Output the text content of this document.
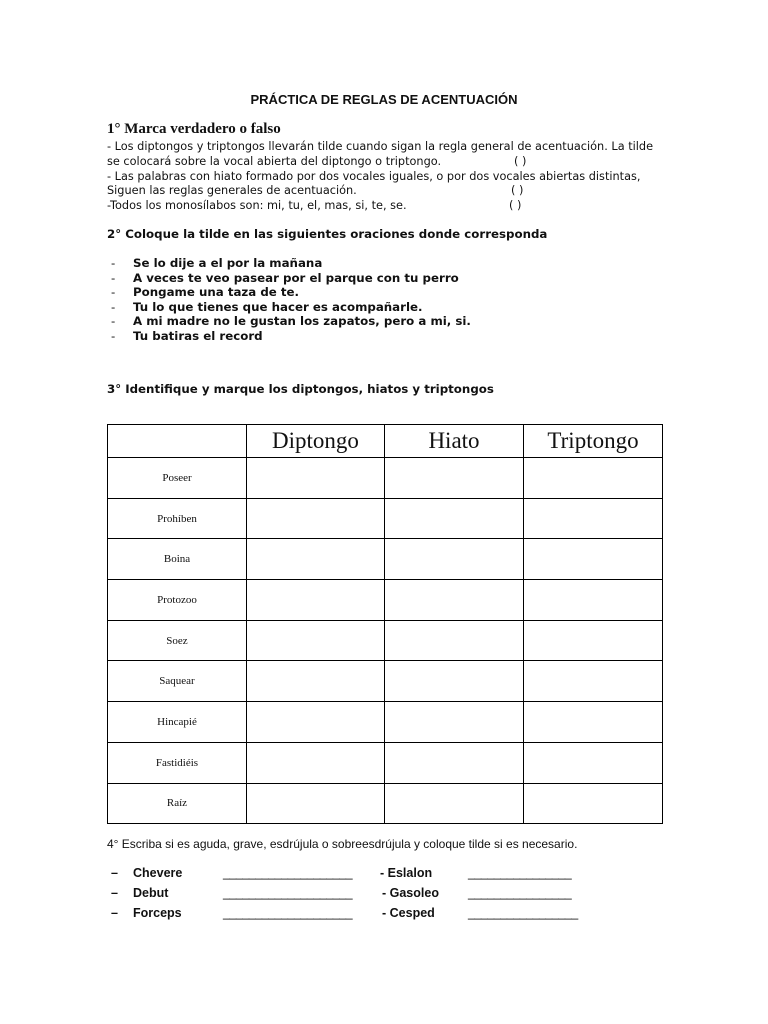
PRÁCTICA DE REGLAS DE ACENTUACIÓN
1° Marca verdadero o falso
- Los diptongos y triptongos llevarán tilde cuando sigan la regla general de acentuación. La tilde
se colocará sobre la vocal abierta del diptongo o triptongo.	( )
- Las palabras con hiato formado por dos vocales iguales, o por dos vocales abiertas distintas,
Siguen las reglas generales de acentuación.	( )
-Todos los monosílabos son: mi, tu, el, mas, si, te, se.	( )
2° Coloque la tilde en las siguientes oraciones donde corresponda
- Se lo dije a el por la mañana
- A veces te veo pasear por el parque con tu perro
- Pongame una taza de te.
- Tu lo que tienes que hacer es acompañarle.
- A mi madre no le gustan los zapatos, pero a mi, si.
- Tu batiras el record
3° Identifique y marque los diptongos, hiatos y triptongos
	Diptongo	Hiato	Triptongo
Poseer			
Prohíben			
Boina			
Protozoo			
Soez			
Saquear			
Hincapié			
Fastidiéis			
Raíz			
4° Escriba si es aguda, grave, esdrújula o sobreesdrújula y coloque tilde si es necesario.
– Chevere	____________________ - Eslalon	________________
– Debut	____________________ - Gasoleo ________________
– Forceps	____________________ - Cesped	_________________
